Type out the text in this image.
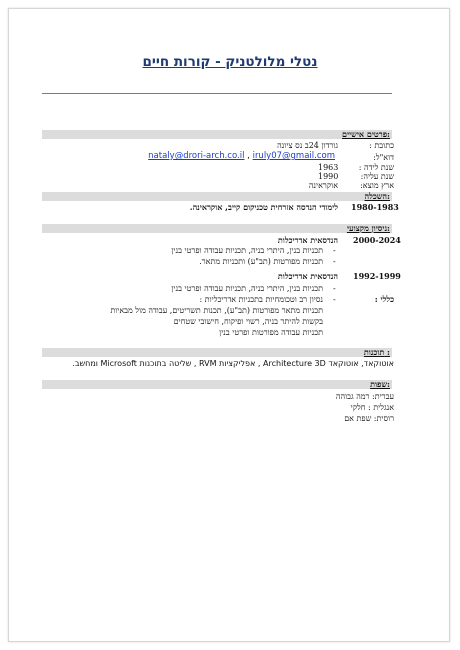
נטלי מלולטניק - קורות חיים
פרטים אישיים:
כתובת :
גורדון 24ב נס ציונה
דוא"ל:
nataly@drori-arch.co.il , iruly07@gmail.com
שנת לידה :
1963
שנת עליה:
1990
ארץ מוצא:
אוקראינה
השכלה:
1980-1983
לימודי הנדסה אזרחית טכניקום קייב, אוקראינה.
ניסיון מקצועי:
2000-2024
הנדסאית אדריכלות
-
תכניות בנין, היתרי בניה, תכניות עבודה ופרטי בנין
-
תכניות מפורטות (תב"ע) ותכניות מתאר.
1992-1999
הנדסאית אדריכלות
-
תכניות בנין, היתרי בניה, תכניות עבודה ופרטי בנין
כללי :
-
נסיון רב וטכומחיות בתכניות אדריכליות :
תכניות מתאר מפורטות (תב"ע), תכנות תשריטים, עבודה מול מבאיות
בקשות להיתר בניה, רשוי ופיקוח, חישובי שטחים
תכניות עבודה מפורטות ופרטי בנין
תוכנות :
אוטוקאד, אוטוקאד Architecture 3D , אפליקציות RVM , שליטה בתוכנות Microsoft ומחשב.
שפות:
עברית: רמה גבוהה
אנגלית : חלקי
רוסית: שפת אם
